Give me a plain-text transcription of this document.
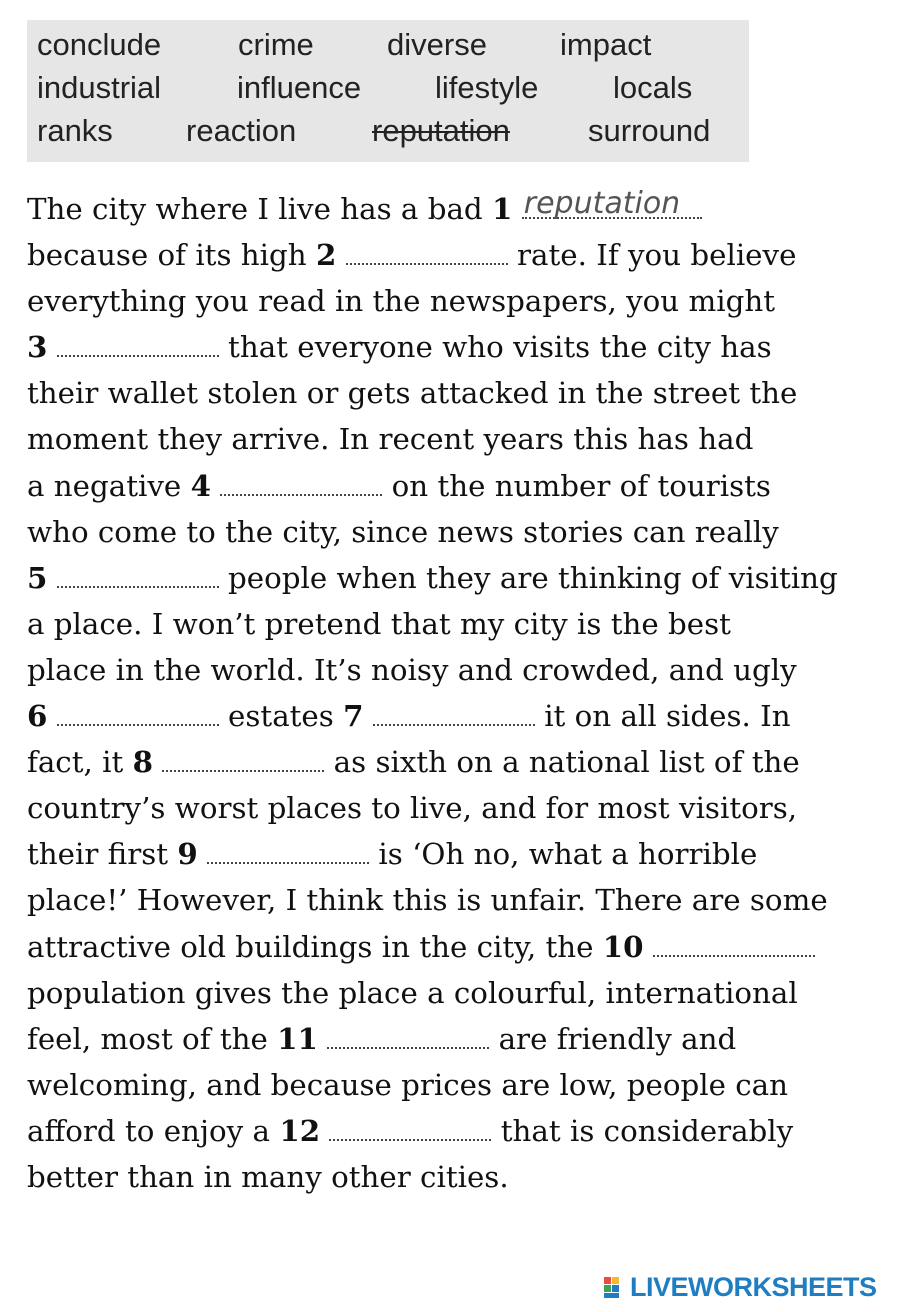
conclude crime diverse impact
industrial influence lifestyle locals
ranks reaction reputation	surround
The city where I live has a bad 1 reputation
because of its high 2	rate. If you believe
everything you read in the newspapers, you might
3	that everyone who visits the city has
their wallet stolen or gets attacked in the street the
moment they arrive. In recent years this has had
a negative 4	on the number of tourists
who come to the city, since news stories can really
5	people when they are thinking of visiting
a place. I won’t pretend that my city is the best
place in the world. It’s noisy and crowded, and ugly
6	estates 7	it on all sides. In
fact, it 8	as sixth on a national list of the
country’s worst places to live, and for most visitors,
their first 9	is ‘Oh no, what a horrible
place!’ However, I think this is unfair. There are some
attractive old buildings in the city, the 10
population gives the place a colourful, international
feel, most of the 11	are friendly and
welcoming, and because prices are low, people can
afford to enjoy a 12	that is considerably
better than in many other cities.
LIVEWORKSHEETS
